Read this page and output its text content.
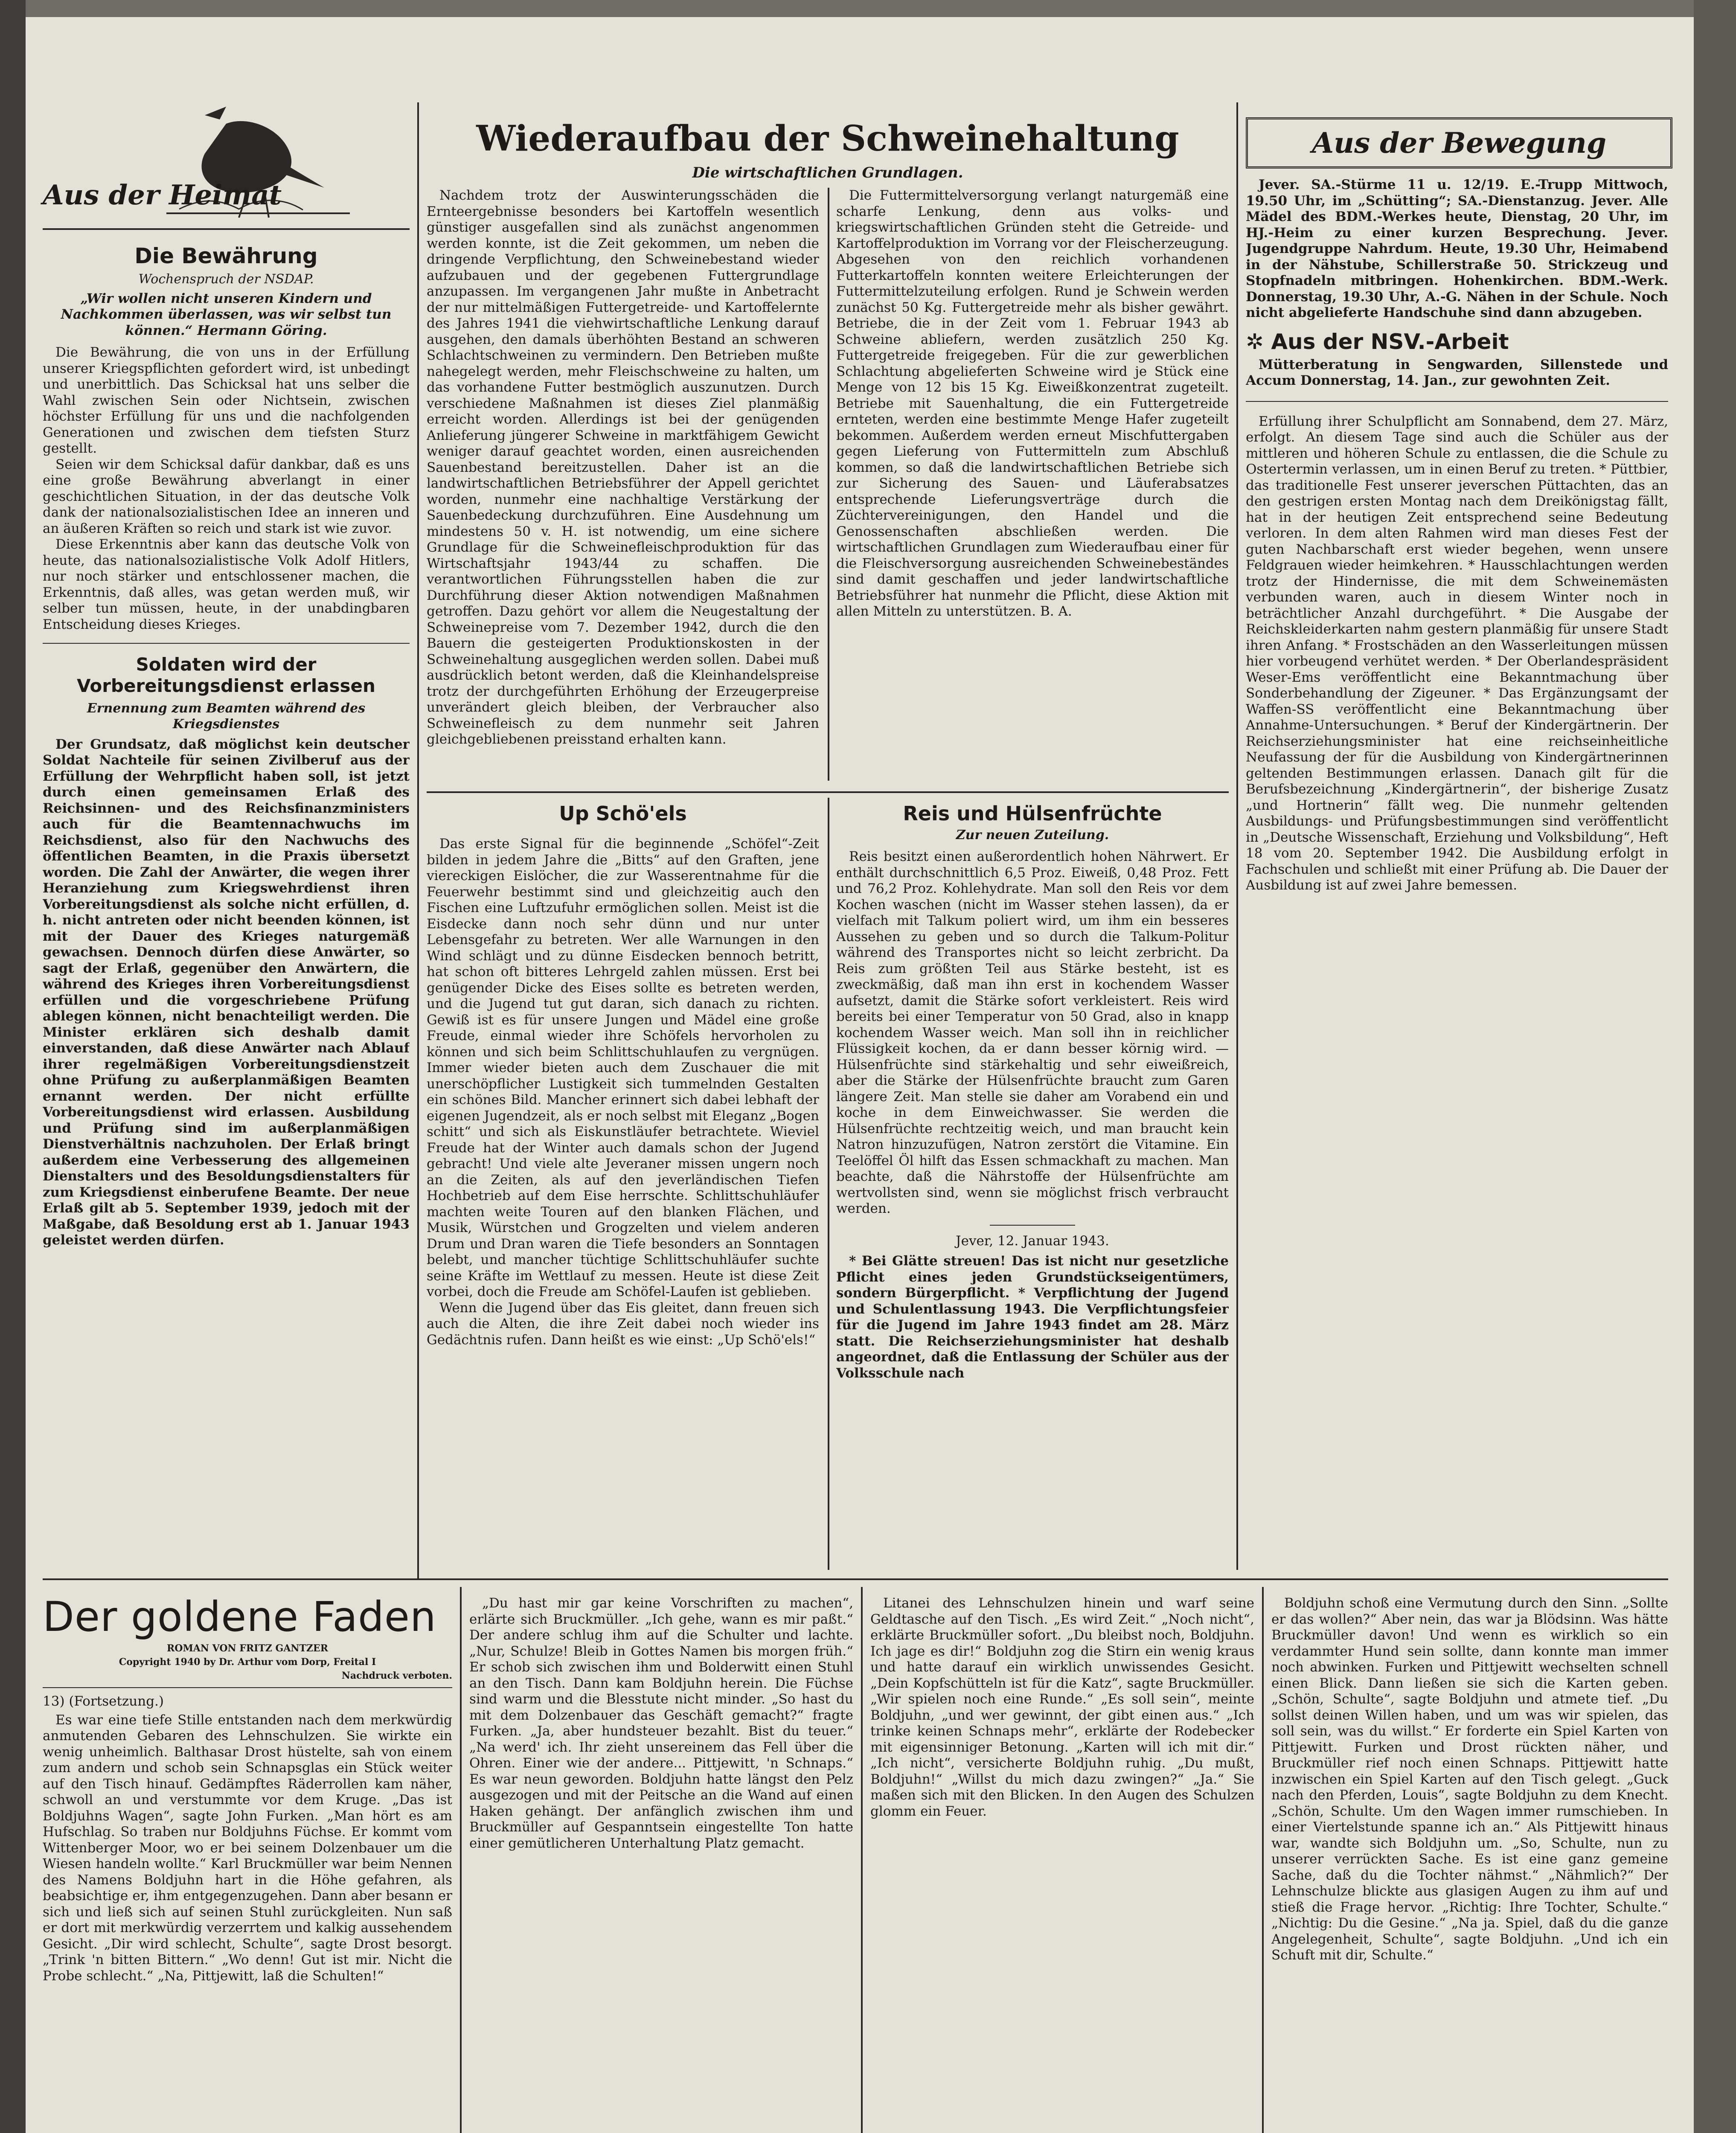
Aus der Heimat
Die Bewährung
Wochenspruch der NSDAP.
„Wir wollen nicht unseren Kindern und Nachkommen überlassen, was wir selbst tun können.“ Hermann Göring.

Die Bewährung, die von uns in der Erfüllung unserer Kriegspflichten gefordert wird, ist unbedingt und unerbittlich. Das Schicksal hat uns selber die Wahl zwischen Sein oder Nichtsein, zwischen höchster Erfüllung für uns und die nachfolgenden Generationen und zwischen dem tiefsten Sturz gestellt.

Seien wir dem Schicksal dafür dankbar, daß es uns eine große Bewährung abverlangt in einer geschichtlichen Situation, in der das deutsche Volk dank der nationalsozialistischen Idee an inneren und an äußeren Kräften so reich und stark ist wie zuvor.

Diese Erkenntnis aber kann das deutsche Volk von heute, das nationalsozialistische Volk Adolf Hitlers, nur noch stärker und entschlossener machen, die Erkenntnis, daß alles, was getan werden muß, wir selber tun müssen, heute, in der unabdingbaren Entscheidung dieses Krieges.

Soldaten wird der Vorbereitungsdienst erlassen
Ernennung zum Beamten während des Kriegsdienstes

Der Grundsatz, daß möglichst kein deutscher Soldat Nachteile für seinen Zivilberuf aus der Erfüllung der Wehrpflicht haben soll, ist jetzt durch einen gemeinsamen Erlaß des Reichsinnen- und des Reichsfinanzministers auch für die Beamtennachwuchs im Reichsdienst, also für den Nachwuchs des öffentlichen Beamten, in die Praxis übersetzt worden. Die Zahl der Anwärter, die wegen ihrer Heranziehung zum Kriegswehrdienst ihren Vorbereitungsdienst als solche nicht erfüllen, d. h. nicht antreten oder nicht beenden können, ist mit der Dauer des Krieges naturgemäß gewachsen. Dennoch dürfen diese Anwärter, so sagt der Erlaß, gegenüber den Anwärtern, die während des Krieges ihren Vorbereitungsdienst erfüllen und die vorgeschriebene Prüfung ablegen können, nicht benachteiligt werden. Die Minister erklären sich deshalb damit einverstanden, daß diese Anwärter nach Ablauf ihrer regelmäßigen Vorbereitungsdienstzeit ohne Prüfung zu außerplanmäßigen Beamten ernannt werden. Der nicht erfüllte Vorbereitungsdienst wird erlassen. Ausbildung und Prüfung sind im außerplanmäßigen Dienstverhältnis nachzuholen. Der Erlaß bringt außerdem eine Verbesserung des allgemeinen Dienstalters und des Besoldungsdienstalters für zum Kriegsdienst einberufene Beamte. Der neue Erlaß gilt ab 5. September 1939, jedoch mit der Maßgabe, daß Besoldung erst ab 1. Januar 1943 geleistet werden dürfen.

Wiederaufbau der Schweinehaltung
Die wirtschaftlichen Grundlagen.
Nachdem trotz der Auswinterungsschäden die Ernteergebnisse besonders bei Kartoffeln wesentlich günstiger ausgefallen sind als zunächst angenommen werden konnte, ist die Zeit gekommen, um neben die dringende Verpflichtung, den Schweinebestand wieder aufzubauen und der gegebenen Futtergrundlage anzupassen. Im vergangenen Jahr mußte in Anbetracht der nur mittelmäßigen Futtergetreide- und Kartoffelernte des Jahres 1941 die viehwirtschaftliche Lenkung darauf ausgehen, den damals überhöhten Bestand an schweren Schlachtschweinen zu vermindern. Den Betrieben mußte nahegelegt werden, mehr Fleischschweine zu halten, um das vorhandene Futter bestmöglich auszunutzen. Durch verschiedene Maßnahmen ist dieses Ziel planmäßig erreicht worden. Allerdings ist bei der genügenden Anlieferung jüngerer Schweine in marktfähigem Gewicht weniger darauf geachtet worden, einen ausreichenden Sauenbestand bereitzustellen. Daher ist an die landwirtschaftlichen Betriebsführer der Appell gerichtet worden, nunmehr eine nachhaltige Verstärkung der Sauenbedeckung durchzuführen. Eine Ausdehnung um mindestens 50 v. H. ist notwendig, um eine sichere Grundlage für die Schweinefleischproduktion für das Wirtschaftsjahr 1943/44 zu schaffen. Die verantwortlichen Führungsstellen haben die zur Durchführung dieser Aktion notwendigen Maßnahmen getroffen. Dazu gehört vor allem die Neugestaltung der Schweinepreise vom 7. Dezember 1942, durch die den Bauern die gesteigerten Produktionskosten in der Schweinehaltung ausgeglichen werden sollen. Dabei muß ausdrücklich betont werden, daß die Kleinhandelspreise trotz der durchgeführten Erhöhung der Erzeugerpreise unverändert gleich bleiben, der Verbraucher also Schweinefleisch zu dem nunmehr seit Jahren gleichgebliebenen preisstand erhalten kann.
Die Futtermittelversorgung verlangt naturgemäß eine scharfe Lenkung, denn aus volks- und kriegswirtschaftlichen Gründen steht die Getreide- und Kartoffelproduktion im Vorrang vor der Fleischerzeugung. Abgesehen von den reichlich vorhandenen Futterkartoffeln konnten weitere Erleichterungen der Futtermittelzuteilung erfolgen. Rund je Schwein werden zunächst 50 Kg. Futtergetreide mehr als bisher gewährt. Betriebe, die in der Zeit vom 1. Februar 1943 ab Schweine abliefern, werden zusätzlich 250 Kg. Futtergetreide freigegeben. Für die zur gewerblichen Schlachtung abgelieferten Schweine wird je Stück eine Menge von 12 bis 15 Kg. Eiweißkonzentrat zugeteilt. Betriebe mit Sauenhaltung, die ein Futtergetreide ernteten, werden eine bestimmte Menge Hafer zugeteilt bekommen. Außerdem werden erneut Mischfuttergaben gegen Lieferung von Futtermitteln zum Abschluß kommen, so daß die landwirtschaftlichen Betriebe sich zur Sicherung des Sauen- und Läuferabsatzes entsprechende Lieferungsverträge durch die Züchtervereinigungen, den Handel und die Genossenschaften abschließen werden. Die wirtschaftlichen Grundlagen zum Wiederaufbau einer für die Fleischversorgung ausreichenden Schweinebeständes sind damit geschaffen und jeder landwirtschaftliche Betriebsführer hat nunmehr die Pflicht, diese Aktion mit allen Mitteln zu unterstützen. B. A.
Up Schö'els

Das erste Signal für die beginnende „Schöfel“-Zeit bilden in jedem Jahre die „Bitts“ auf den Graften, jene viereckigen Eislöcher, die zur Wasserentnahme für die Feuerwehr bestimmt sind und gleichzeitig auch den Fischen eine Luftzufuhr ermöglichen sollen. Meist ist die Eisdecke dann noch sehr dünn und nur unter Lebensgefahr zu betreten. Wer alle Warnungen in den Wind schlägt und zu dünne Eisdecken bennoch betritt, hat schon oft bitteres Lehrgeld zahlen müssen. Erst bei genügender Dicke des Eises sollte es betreten werden, und die Jugend tut gut daran, sich danach zu richten. Gewiß ist es für unsere Jungen und Mädel eine große Freude, einmal wieder ihre Schöfels hervorholen zu können und sich beim Schlittschuhlaufen zu vergnügen. Immer wieder bieten auch dem Zuschauer die mit unerschöpflicher Lustigkeit sich tummelnden Gestalten ein schönes Bild. Mancher erinnert sich dabei lebhaft der eigenen Jugendzeit, als er noch selbst mit Eleganz „Bogen schitt“ und sich als Eiskunstläufer betrachtete. Wieviel Freude hat der Winter auch damals schon der Jugend gebracht! Und viele alte Jeveraner missen ungern noch an die Zeiten, als auf den jeverländischen Tiefen Hochbetrieb auf dem Eise herrschte. Schlittschuhläufer machten weite Touren auf den blanken Flächen, und Musik, Würstchen und Grogzelten und vielem anderen Drum und Dran waren die Tiefe besonders an Sonntagen belebt, und mancher tüchtige Schlittschuhläufer suchte seine Kräfte im Wettlauf zu messen. Heute ist diese Zeit vorbei, doch die Freude am Schöfel-Laufen ist geblieben.

Wenn die Jugend über das Eis gleitet, dann freuen sich auch die Alten, die ihre Zeit dabei noch wieder ins Gedächtnis rufen. Dann heißt es wie einst: „Up Schö'els!“

Reis und Hülsenfrüchte
Zur neuen Zuteilung.

Reis besitzt einen außerordentlich hohen Nährwert. Er enthält durchschnittlich 6,5 Proz. Eiweiß, 0,48 Proz. Fett und 76,2 Proz. Kohlehydrate. Man soll den Reis vor dem Kochen waschen (nicht im Wasser stehen lassen), da er vielfach mit Talkum poliert wird, um ihm ein besseres Aussehen zu geben und so durch die Talkum-Politur während des Transportes nicht so leicht zerbricht. Da Reis zum größten Teil aus Stärke besteht, ist es zweckmäßig, daß man ihn erst in kochendem Wasser aufsetzt, damit die Stärke sofort verkleistert. Reis wird bereits bei einer Temperatur von 50 Grad, also in knapp kochendem Wasser weich. Man soll ihn in reichlicher Flüssigkeit kochen, da er dann besser körnig wird. — Hülsenfrüchte sind stärkehaltig und sehr eiweißreich, aber die Stärke der Hülsenfrüchte braucht zum Garen längere Zeit. Man stelle sie daher am Vorabend ein und koche in dem Einweichwasser. Sie werden die Hülsenfrüchte rechtzeitig weich, und man braucht kein Natron hinzuzufügen, Natron zerstört die Vitamine. Ein Teelöffel Öl hilft das Essen schmackhaft zu machen. Man beachte, daß die Nährstoffe der Hülsenfrüchte am wertvollsten sind, wenn sie möglichst frisch verbraucht werden.

Jever, 12. Januar 1943.

* Bei Glätte streuen! Das ist nicht nur gesetzliche Pflicht eines jeden Grundstückseigentümers, sondern Bürgerpflicht. * Verpflichtung der Jugend und Schulentlassung 1943. Die Verpflichtungsfeier für die Jugend im Jahre 1943 findet am 28. März statt. Die Reichserziehungsminister hat deshalb angeordnet, daß die Entlassung der Schüler aus der Volksschule nach

Aus der Bewegung

Jever. SA.-Stürme 11 u. 12/19. E.-Trupp Mittwoch, 19.50 Uhr, im „Schütting“; SA.-Dienstanzug. Jever. Alle Mädel des BDM.-Werkes heute, Dienstag, 20 Uhr, im HJ.-Heim zu einer kurzen Besprechung. Jever. Jugendgruppe Nahrdum. Heute, 19.30 Uhr, Heimabend in der Nähstube, Schillerstraße 50. Strickzeug und Stopfnadeln mitbringen. Hohenkirchen. BDM.-Werk. Donnerstag, 19.30 Uhr, A.-G. Nähen in der Schule. Noch nicht abgelieferte Handschuhe sind dann abzugeben.

✲ Aus der NSV.-Arbeit

Mütterberatung in Sengwarden, Sillenstede und Accum Donnerstag, 14. Jan., zur gewohnten Zeit.

Erfüllung ihrer Schulpflicht am Sonnabend, dem 27. März, erfolgt. An diesem Tage sind auch die Schüler aus der mittleren und höheren Schule zu entlassen, die die Schule zu Ostertermin verlassen, um in einen Beruf zu treten. * Püttbier, das traditionelle Fest unserer jeverschen Püttachten, das an den gestrigen ersten Montag nach dem Dreikönigstag fällt, hat in der heutigen Zeit entsprechend seine Bedeutung verloren. In dem alten Rahmen wird man dieses Fest der guten Nachbarschaft erst wieder begehen, wenn unsere Feldgrauen wieder heimkehren. * Hausschlachtungen werden trotz der Hindernisse, die mit dem Schweinemästen verbunden waren, auch in diesem Winter noch in beträchtlicher Anzahl durchgeführt. * Die Ausgabe der Reichskleiderkarten nahm gestern planmäßig für unsere Stadt ihren Anfang. * Frostschäden an den Wasserleitungen müssen hier vorbeugend verhütet werden. * Der Oberlandespräsident Weser-Ems veröffentlicht eine Bekanntmachung über Sonderbehandlung der Zigeuner. * Das Ergänzungsamt der Waffen-SS veröffentlicht eine Bekanntmachung über Annahme-Untersuchungen. * Beruf der Kindergärtnerin. Der Reichserziehungsminister hat eine reichseinheitliche Neufassung der für die Ausbildung von Kindergärtnerinnen geltenden Bestimmungen erlassen. Danach gilt für die Berufsbezeichnung „Kindergärtnerin“, der bisherige Zusatz „und Hortnerin“ fällt weg. Die nunmehr geltenden Ausbildungs- und Prüfungsbestimmungen sind veröffentlicht in „Deutsche Wissenschaft, Erziehung und Volksbildung“, Heft 18 vom 20. September 1942. Die Ausbildung erfolgt in Fachschulen und schließt mit einer Prüfung ab. Die Dauer der Ausbildung ist auf zwei Jahre bemessen.

Der goldene Faden
ROMAN VON FRITZ GANTZER
Copyright 1940 by Dr. Arthur vom Dorp, Freital I
Nachdruck verboten.
13) (Fortsetzung.)

Es war eine tiefe Stille entstanden nach dem merkwürdig anmutenden Gebaren des Lehnschulzen. Sie wirkte ein wenig unheimlich. Balthasar Drost hüstelte, sah von einem zum andern und schob sein Schnapsglas ein Stück weiter auf den Tisch hinauf. Gedämpftes Räderrollen kam näher, schwoll an und verstummte vor dem Kruge. „Das ist Boldjuhns Wagen“, sagte John Furken. „Man hört es am Hufschlag. So traben nur Boldjuhns Füchse. Er kommt vom Wittenberger Moor, wo er bei seinem Dolzenbauer um die Wiesen handeln wollte.“ Karl Bruckmüller war beim Nennen des Namens Boldjuhn hart in die Höhe gefahren, als beabsichtige er, ihm entgegenzugehen. Dann aber besann er sich und ließ sich auf seinen Stuhl zurückgleiten. Nun saß er dort mit merkwürdig verzerrtem und kalkig aussehendem Gesicht. „Dir wird schlecht, Schulte“, sagte Drost besorgt. „Trink 'n bitten Bittern.“ „Wo denn! Gut ist mir. Nicht die Probe schlecht.“ „Na, Pittjewitt, laß die Schulten!“

„Du hast mir gar keine Vorschriften zu machen“, erlärte sich Bruckmüller. „Ich gehe, wann es mir paßt.“ Der andere schlug ihm auf die Schulter und lachte. „Nur, Schulze! Bleib in Gottes Namen bis morgen früh.“ Er schob sich zwischen ihm und Bolderwitt einen Stuhl an den Tisch. Dann kam Boldjuhn herein. Die Füchse sind warm und die Blesstute nicht minder. „So hast du mit dem Dolzenbauer das Geschäft gemacht?“ fragte Furken. „Ja, aber hundsteuer bezahlt. Bist du teuer.“ „Na werd' ich. Ihr zieht unsereinem das Fell über die Ohren. Einer wie der andere... Pittjewitt, 'n Schnaps.“ Es war neun geworden. Boldjuhn hatte längst den Pelz ausgezogen und mit der Peitsche an die Wand auf einen Haken gehängt. Der anfänglich zwischen ihm und Bruckmüller auf Gespanntsein eingestellte Ton hatte einer gemütlicheren Unterhaltung Platz gemacht.

Litanei des Lehnschulzen hinein und warf seine Geldtasche auf den Tisch. „Es wird Zeit.“ „Noch nicht“, erklärte Bruckmüller sofort. „Du bleibst noch, Boldjuhn. Ich jage es dir!“ Boldjuhn zog die Stirn ein wenig kraus und hatte darauf ein wirklich unwissendes Gesicht. „Dein Kopfschütteln ist für die Katz“, sagte Bruckmüller. „Wir spielen noch eine Runde.“ „Es soll sein“, meinte Boldjuhn, „und wer gewinnt, der gibt einen aus.“ „Ich trinke keinen Schnaps mehr“, erklärte der Rodebecker mit eigensinniger Betonung. „Karten will ich mit dir.“ „Ich nicht“, versicherte Boldjuhn ruhig. „Du mußt, Boldjuhn!“ „Willst du mich dazu zwingen?“ „Ja.“ Sie maßen sich mit den Blicken. In den Augen des Schulzen glomm ein Feuer.

Boldjuhn schoß eine Vermutung durch den Sinn. „Sollte er das wollen?“ Aber nein, das war ja Blödsinn. Was hätte Bruckmüller davon! Und wenn es wirklich so ein verdammter Hund sein sollte, dann konnte man immer noch abwinken. Furken und Pittjewitt wechselten schnell einen Blick. Dann ließen sie sich die Karten geben. „Schön, Schulte“, sagte Boldjuhn und atmete tief. „Du sollst deinen Willen haben, und um was wir spielen, das soll sein, was du willst.“ Er forderte ein Spiel Karten von Pittjewitt. Furken und Drost rückten näher, und Bruckmüller rief noch einen Schnaps. Pittjewitt hatte inzwischen ein Spiel Karten auf den Tisch gelegt. „Guck nach den Pferden, Louis“, sagte Boldjuhn zu dem Knecht. „Schön, Schulte. Um den Wagen immer rumschieben. In einer Viertelstunde spanne ich an.“ Als Pittjewitt hinaus war, wandte sich Boldjuhn um. „So, Schulte, nun zu unserer verrückten Sache. Es ist eine ganz gemeine Sache, daß du die Tochter nähmst.“ „Nähmlich?“ Der Lehnschulze blickte aus glasigen Augen zu ihm auf und stieß die Frage hervor. „Richtig: Ihre Tochter, Schulte.“ „Nichtig: Du die Gesine.“ „Na ja. Spiel, daß du die ganze Angelegenheit, Schulte“, sagte Boldjuhn. „Und ich ein Schuft mit dir, Schulte.“
